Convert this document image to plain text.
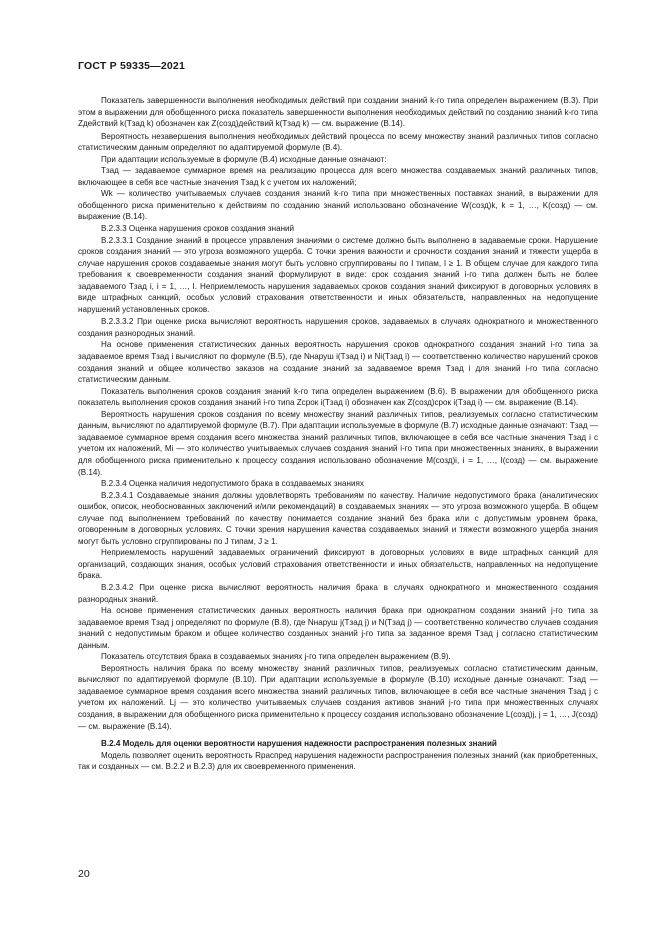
ГОСТ Р 59335—2021

Показатель завершенности выполнения необходимых действий при создании знаний k-го типа определен выражением (В.3). При этом в выражении для обобщенного риска показатель завершенности выполнения необходимых действий по созданию знаний k-го типа Zдействий k(Tзад k) обозначен как Z(созд)действий k(Tзад k) — см. выражение (В.14).

Вероятность незавершения выполнения необходимых действий процесса по всему множеству знаний различных типов согласно статистическим данным определяют по адаптируемой формуле (В.4).

При адаптации используемые в формуле (В.4) исходные данные означают:

Tзад — задаваемое суммарное время на реализацию процесса для всего множества создаваемых знаний различных типов, включающее в себя все частные значения Tзад k с учетом их наложений;

Wk — количество учитываемых случаев создания знаний k-го типа при множественных поставках знаний, в выражении для обобщенного риска применительно к действиям по созданию знаний использовано обозначение W(созд)k, k = 1, …, K(созд) — см. выражение (В.14).

В.2.3.3 Оценка нарушения сроков создания знаний

В.2.3.3.1 Создание знаний в процессе управления знаниями о системе должно быть выполнено в задаваемые сроки. Нарушение сроков создания знаний — это угроза возможного ущерба. С точки зрения важности и срочности создания знаний и тяжести ущерба в случае нарушения сроков создаваемые знания могут быть условно сгруппированы по I типам, I ≥ 1. В общем случае для каждого типа требования к своевременности создания знаний формулируют в виде: срок создания знаний i-го типа должен быть не более задаваемого Tзад i, i = 1, …, I. Неприемлемость нарушения задаваемых сроков создания знаний фиксируют в договорных условиях в виде штрафных санкций, особых условий страхования ответственности и иных обязательств, направленных на недопущение нарушений установленных сроков.

В.2.3.3.2 При оценке риска вычисляют вероятность нарушения сроков, задаваемых в случаях однократного и множественного создания разнородных знаний.

На основе применения статистических данных вероятность нарушения сроков однократного создания знаний i-го типа за задаваемое время Tзад i вычисляют по формуле (В.5), где Nнаруш i(Tзад i) и Ni(Tзад i) — соответственно количество нарушений сроков создания знаний и общее количество заказов на создание знаний за задаваемое время Tзад i для знаний i-го типа согласно статистическим данным.

Показатель выполнения сроков создания знаний k-го типа определен выражением (В.6). В выражении для обобщенного риска показатель выполнения сроков создания знаний i-го типа Zсрок i(Tзад i) обозначен как Z(созд)срок i(Tзад i) — см. выражение (В.14).

Вероятность нарушения сроков создания по всему множеству знаний различных типов, реализуемых согласно статистическим данным, вычисляют по адаптируемой формуле (В.7). При адаптации используемые в формуле (В.7) исходные данные означают: Tзад — задаваемое суммарное время создания всего множества знаний различных типов, включающее в себя все частные значения Tзад i с учетом их наложений, Mi — это количество учитываемых случаев создания знаний i-го типа при множественных знаниях, в выражении для обобщенного риска применительно к процессу создания использовано обозначение M(созд)i, i = 1, …, I(созд) — см. выражение (В.14).

В.2.3.4 Оценка наличия недопустимого брака в создаваемых знаниях

В.2.3.4.1 Создаваемые знания должны удовлетворять требованиям по качеству. Наличие недопустимого брака (аналитических ошибок, описок, необоснованных заключений и/или рекомендаций) в создаваемых знаниях — это угроза возможного ущерба. В общем случае под выполнением требований по качеству понимается создание знаний без брака или с допустимым уровнем брака, оговоренным в договорных условиях. С точки зрения нарушения качества создаваемых знаний и тяжести возможного ущерба знания могут быть условно сгруппированы по J типам, J ≥ 1.

Неприемлемость нарушений задаваемых ограничений фиксируют в договорных условиях в виде штрафных санкций для организаций, создающих знания, особых условий страхования ответственности и иных обязательств, направленных на недопущение брака.

В.2.3.4.2 При оценке риска вычисляют вероятность наличия брака в случаях однократного и множественного создания разнородных знаний.

На основе применения статистических данных вероятность наличия брака при однократном создании знаний j-го типа за задаваемое время Tзад j определяют по формуле (В.8), где Nнаруш j(Tзад j) и N(Tзад j) — соответственно количество случаев создания знаний с недопустимым браком и общее количество созданных знаний j-го типа за заданное время Tзад j согласно статистическим данным.

Показатель отсутствия брака в создаваемых знаниях j-го типа определен выражением (В.9).

Вероятность наличия брака по всему множеству знаний различных типов, реализуемых согласно статистическим данным, вычисляют по адаптируемой формуле (В.10). При адаптации используемые в формуле (В.10) исходные данные означают: Tзад — задаваемое суммарное время создания всего множества знаний различных типов, включающее в себя все частные значения Tзад j с учетом их наложений. Lj — это количество учитываемых случаев создания активов знаний j-го типа при множественных случаях создания, в выражении для обобщенного риска применительно к процессу создания использовано обозначение L(созд)j, j = 1, …, J(созд) — см. выражение (В.14).

В.2.4 Модель для оценки вероятности нарушения надежности распространения полезных знаний

Модель позволяет оценить вероятность Rраспред нарушения надежности распространения полезных знаний (как приобретенных, так и созданных — см. В.2.2 и В.2.3) для их своевременного применения.

20
